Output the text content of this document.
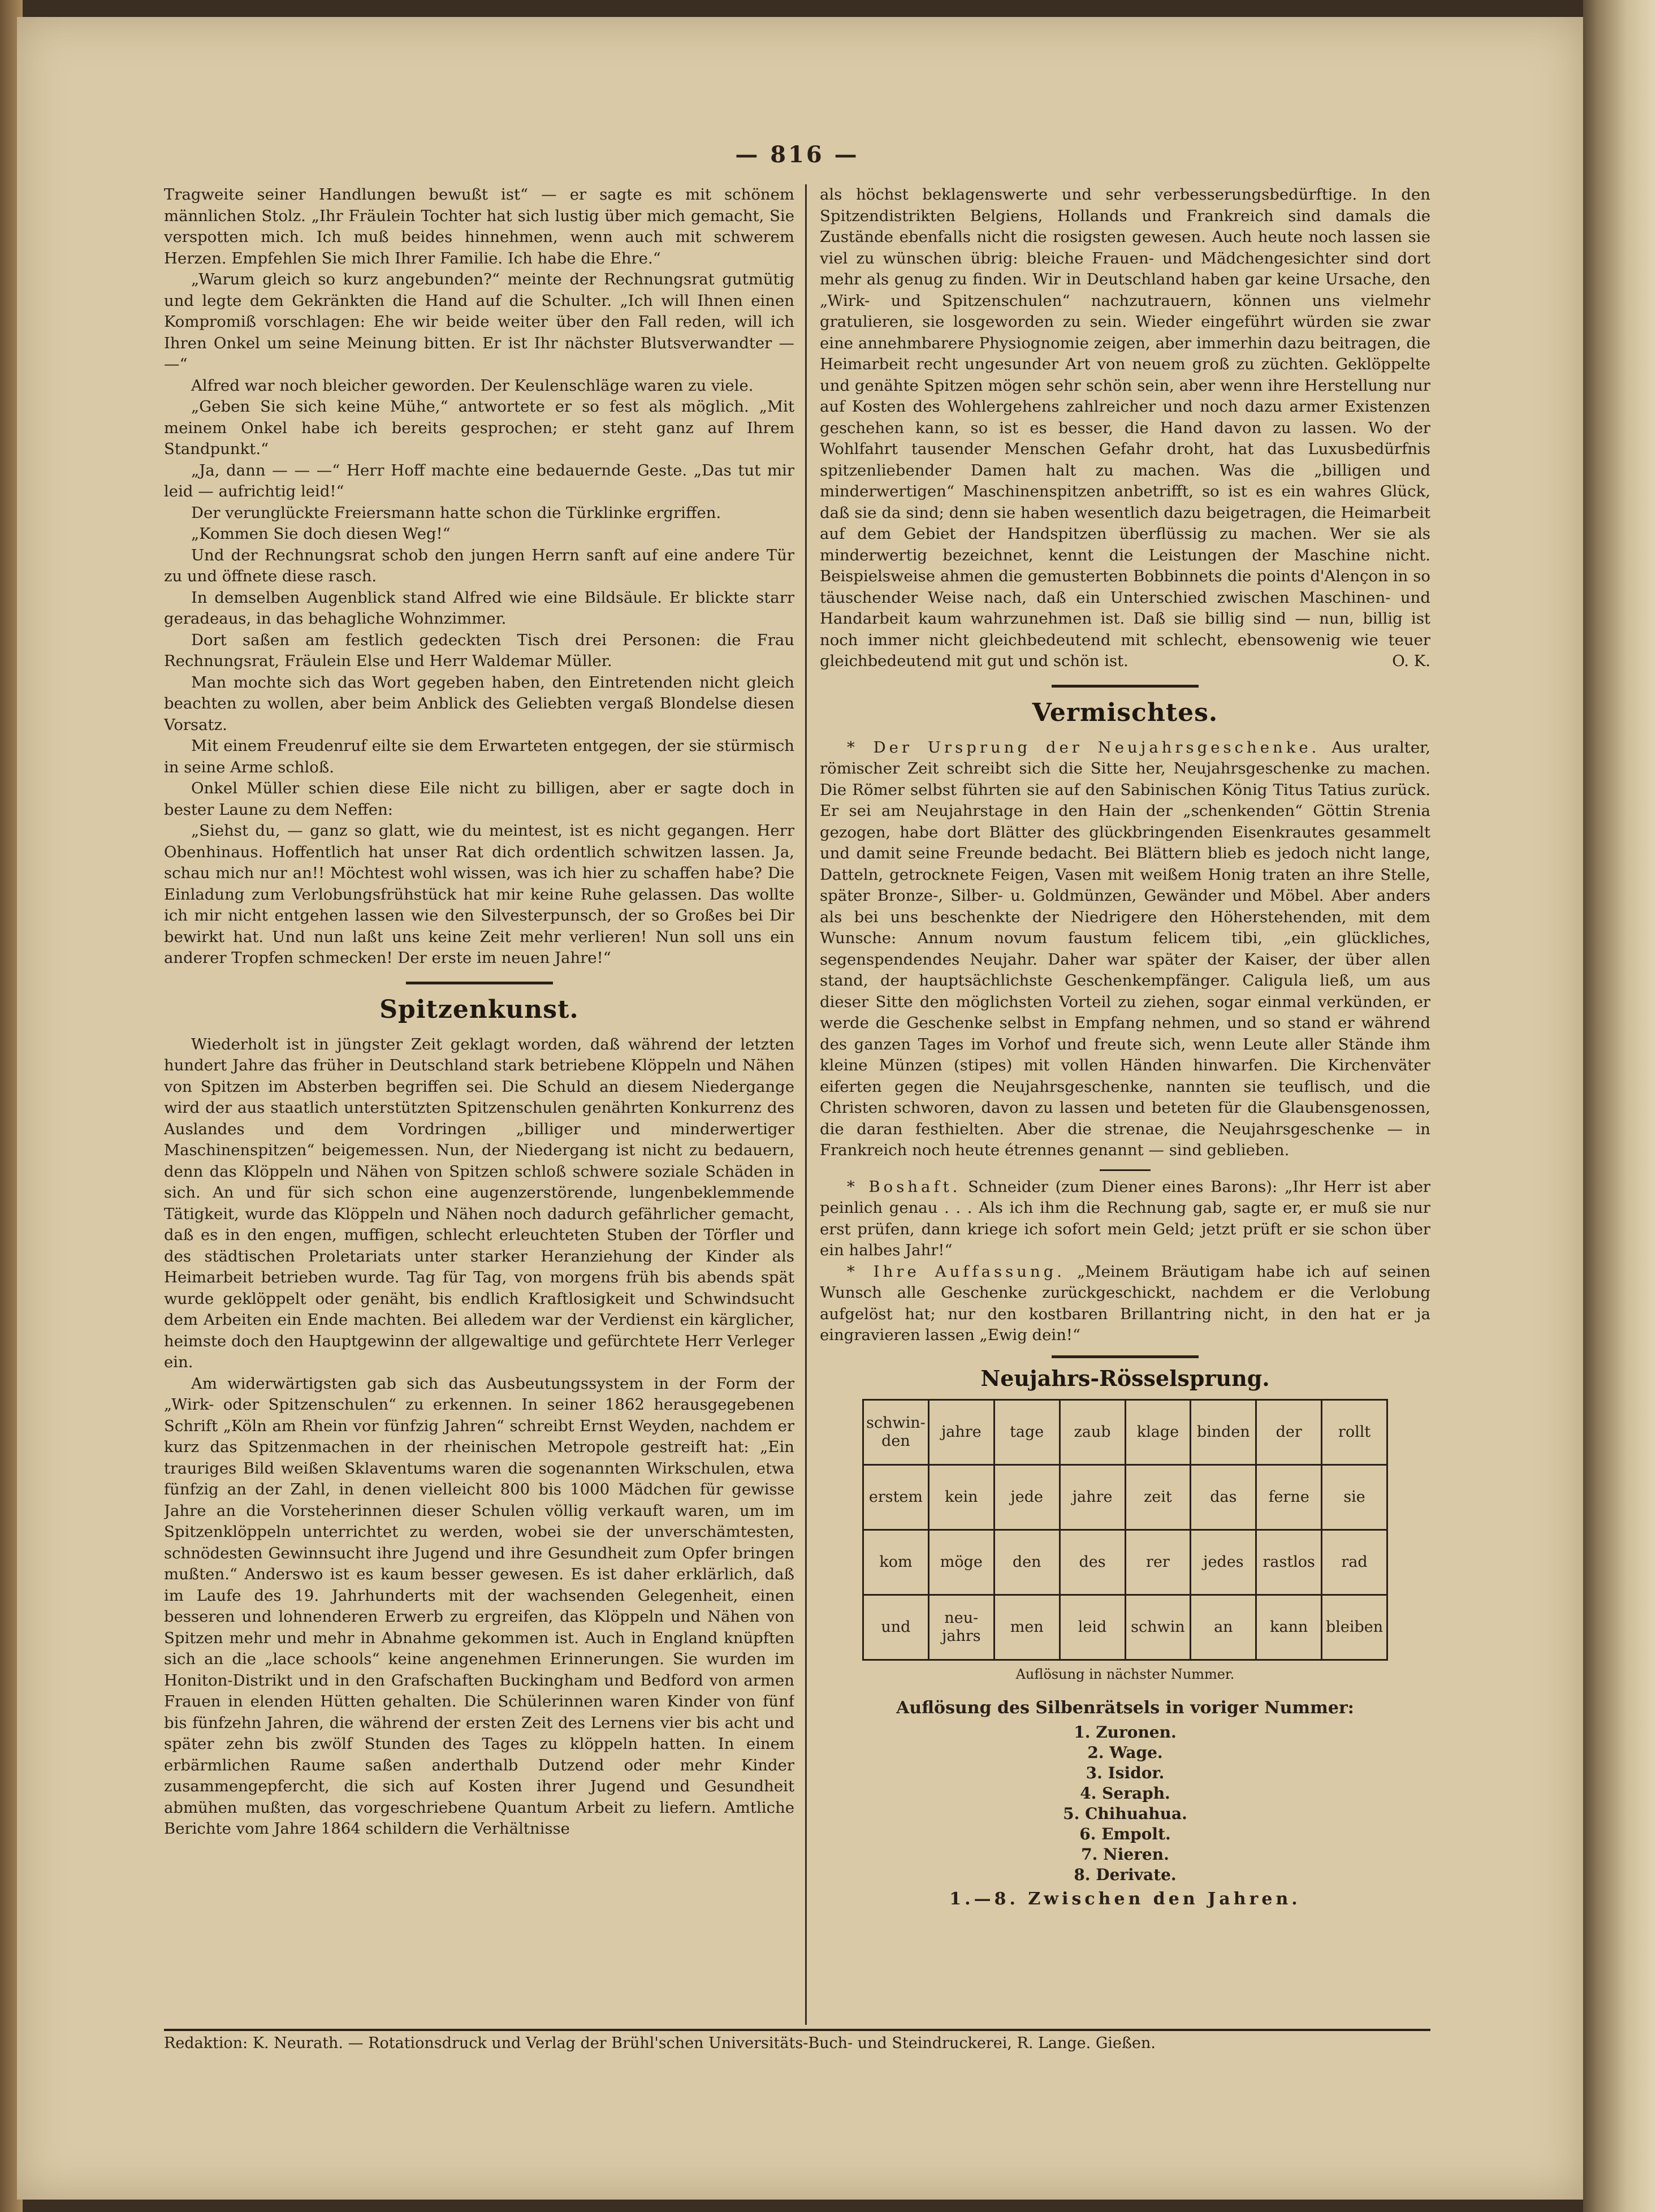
— 816 —

Tragweite seiner Handlungen bewußt ist“ — er sagte es mit schönem männlichen Stolz. „Ihr Fräulein Tochter hat sich lustig über mich gemacht, Sie verspotten mich. Ich muß beides hinnehmen, wenn auch mit schwerem Herzen. Empfehlen Sie mich Ihrer Familie. Ich habe die Ehre.“

„Warum gleich so kurz angebunden?“ meinte der Rechnungsrat gutmütig und legte dem Gekränkten die Hand auf die Schulter. „Ich will Ihnen einen Kompromiß vorschlagen: Ehe wir beide weiter über den Fall reden, will ich Ihren Onkel um seine Meinung bitten. Er ist Ihr nächster Blutsverwandter — —“

Alfred war noch bleicher geworden. Der Keulenschläge waren zu viele.

„Geben Sie sich keine Mühe,“ antwortete er so fest als möglich. „Mit meinem Onkel habe ich bereits gesprochen; er steht ganz auf Ihrem Standpunkt.“

„Ja, dann — — —“ Herr Hoff machte eine bedauernde Geste. „Das tut mir leid — aufrichtig leid!“

Der verunglückte Freiersmann hatte schon die Türklinke ergriffen.

„Kommen Sie doch diesen Weg!“

Und der Rechnungsrat schob den jungen Herrn sanft auf eine andere Tür zu und öffnete diese rasch.

In demselben Augenblick stand Alfred wie eine Bildsäule. Er blickte starr geradeaus, in das behagliche Wohnzimmer.

Dort saßen am festlich gedeckten Tisch drei Personen: die Frau Rechnungsrat, Fräulein Else und Herr Waldemar Müller.

Man mochte sich das Wort gegeben haben, den Eintretenden nicht gleich beachten zu wollen, aber beim Anblick des Geliebten vergaß Blondelse diesen Vorsatz.

Mit einem Freudenruf eilte sie dem Erwarteten entgegen, der sie stürmisch in seine Arme schloß.

Onkel Müller schien diese Eile nicht zu billigen, aber er sagte doch in bester Laune zu dem Neffen:

„Siehst du, — ganz so glatt, wie du meintest, ist es nicht gegangen. Herr Obenhinaus. Hoffentlich hat unser Rat dich ordentlich schwitzen lassen. Ja, schau mich nur an!! Möchtest wohl wissen, was ich hier zu schaffen habe? Die Einladung zum Verlobungsfrühstück hat mir keine Ruhe gelassen. Das wollte ich mir nicht entgehen lassen wie den Silvesterpunsch, der so Großes bei Dir bewirkt hat. Und nun laßt uns keine Zeit mehr verlieren! Nun soll uns ein anderer Tropfen schmecken! Der erste im neuen Jahre!“

Spitzenkunst.

Wiederholt ist in jüngster Zeit geklagt worden, daß während der letzten hundert Jahre das früher in Deutschland stark betriebene Klöppeln und Nähen von Spitzen im Absterben begriffen sei. Die Schuld an diesem Niedergange wird der aus staatlich unterstützten Spitzenschulen genährten Konkurrenz des Auslandes und dem Vordringen „billiger und minderwertiger Maschinenspitzen“ beigemessen. Nun, der Niedergang ist nicht zu bedauern, denn das Klöppeln und Nähen von Spitzen schloß schwere soziale Schäden in sich. An und für sich schon eine augenzerstörende, lungenbeklemmende Tätigkeit, wurde das Klöppeln und Nähen noch dadurch gefährlicher gemacht, daß es in den engen, muffigen, schlecht erleuchteten Stuben der Törfler und des städtischen Proletariats unter starker Heranziehung der Kinder als Heimarbeit betrieben wurde. Tag für Tag, von morgens früh bis abends spät wurde geklöppelt oder genäht, bis endlich Kraftlosigkeit und Schwindsucht dem Arbeiten ein Ende machten. Bei alledem war der Verdienst ein kärglicher, heimste doch den Hauptgewinn der allgewaltige und gefürchtete Herr Verleger ein.

Am widerwärtigsten gab sich das Ausbeutungssystem in der Form der „Wirk- oder Spitzenschulen“ zu erkennen. In seiner 1862 herausgegebenen Schrift „Köln am Rhein vor fünfzig Jahren“ schreibt Ernst Weyden, nachdem er kurz das Spitzenmachen in der rheinischen Metropole gestreift hat: „Ein trauriges Bild weißen Sklaventums waren die sogenannten Wirkschulen, etwa fünfzig an der Zahl, in denen vielleicht 800 bis 1000 Mädchen für gewisse Jahre an die Vorsteherinnen dieser Schulen völlig verkauft waren, um im Spitzenklöppeln unterrichtet zu werden, wobei sie der unverschämtesten, schnödesten Gewinnsucht ihre Jugend und ihre Gesundheit zum Opfer bringen mußten.“ Anderswo ist es kaum besser gewesen. Es ist daher erklärlich, daß im Laufe des 19. Jahrhunderts mit der wachsenden Gelegenheit, einen besseren und lohnenderen Erwerb zu ergreifen, das Klöppeln und Nähen von Spitzen mehr und mehr in Abnahme gekommen ist. Auch in England knüpften sich an die „lace schools“ keine angenehmen Erinnerungen. Sie wurden im Honiton-Distrikt und in den Grafschaften Buckingham und Bedford von armen Frauen in elenden Hütten gehalten. Die Schülerinnen waren Kinder von fünf bis fünfzehn Jahren, die während der ersten Zeit des Lernens vier bis acht und später zehn bis zwölf Stunden des Tages zu klöppeln hatten. In einem erbärmlichen Raume saßen anderthalb Dutzend oder mehr Kinder zusammengepfercht, die sich auf Kosten ihrer Jugend und Gesundheit abmühen mußten, das vorgeschriebene Quantum Arbeit zu liefern. Amtliche Berichte vom Jahre 1864 schildern die Verhältnisse

als höchst beklagenswerte und sehr verbesserungsbedürftige. In den Spitzendistrikten Belgiens, Hollands und Frankreich sind damals die Zustände ebenfalls nicht die rosigsten gewesen. Auch heute noch lassen sie viel zu wünschen übrig: bleiche Frauen- und Mädchengesichter sind dort mehr als genug zu finden. Wir in Deutschland haben gar keine Ursache, den „Wirk- und Spitzenschulen“ nachzutrauern, können uns vielmehr gratulieren, sie losgeworden zu sein. Wieder eingeführt würden sie zwar eine annehmbarere Physiognomie zeigen, aber immerhin dazu beitragen, die Heimarbeit recht ungesunder Art von neuem groß zu züchten. Geklöppelte und genähte Spitzen mögen sehr schön sein, aber wenn ihre Herstellung nur auf Kosten des Wohlergehens zahlreicher und noch dazu armer Existenzen geschehen kann, so ist es besser, die Hand davon zu lassen. Wo der Wohlfahrt tausender Menschen Gefahr droht, hat das Luxusbedürfnis spitzenliebender Damen halt zu machen. Was die „billigen und minderwertigen“ Maschinenspitzen anbetrifft, so ist es ein wahres Glück, daß sie da sind; denn sie haben wesentlich dazu beigetragen, die Heimarbeit auf dem Gebiet der Handspitzen überflüssig zu machen. Wer sie als minderwertig bezeichnet, kennt die Leistungen der Maschine nicht. Beispielsweise ahmen die gemusterten Bobbinnets die points d'Alençon in so täuschender Weise nach, daß ein Unterschied zwischen Maschinen- und Handarbeit kaum wahrzunehmen ist. Daß sie billig sind — nun, billig ist noch immer nicht gleichbedeutend mit schlecht, ebensowenig wie teuer gleichbedeutend mit gut und schön ist.	O. K.

Vermischtes.

* Der Ursprung der Neujahrsgeschenke. Aus uralter, römischer Zeit schreibt sich die Sitte her, Neujahrsgeschenke zu machen. Die Römer selbst führten sie auf den Sabinischen König Titus Tatius zurück. Er sei am Neujahrstage in den Hain der „schenkenden“ Göttin Strenia gezogen, habe dort Blätter des glückbringenden Eisenkrautes gesammelt und damit seine Freunde bedacht. Bei Blättern blieb es jedoch nicht lange, Datteln, getrocknete Feigen, Vasen mit weißem Honig traten an ihre Stelle, später Bronze-, Silber- u. Goldmünzen, Gewänder und Möbel. Aber anders als bei uns beschenkte der Niedrigere den Höherstehenden, mit dem Wunsche: Annum novum faustum felicem tibi, „ein glückliches, segenspendendes Neujahr. Daher war später der Kaiser, der über allen stand, der hauptsächlichste Geschenkempfänger. Caligula ließ, um aus dieser Sitte den möglichsten Vorteil zu ziehen, sogar einmal verkünden, er werde die Geschenke selbst in Empfang nehmen, und so stand er während des ganzen Tages im Vorhof und freute sich, wenn Leute aller Stände ihm kleine Münzen (stipes) mit vollen Händen hinwarfen. Die Kirchenväter eiferten gegen die Neujahrsgeschenke, nannten sie teuflisch, und die Christen schworen, davon zu lassen und beteten für die Glaubensgenossen, die daran festhielten. Aber die strenae, die Neujahrsgeschenke — in Frankreich noch heute étrennes genannt — sind geblieben.

* Boshaft. Schneider (zum Diener eines Barons): „Ihr Herr ist aber peinlich genau . . . Als ich ihm die Rechnung gab, sagte er, er muß sie nur erst prüfen, dann kriege ich sofort mein Geld; jetzt prüft er sie schon über ein halbes Jahr!“

* Ihre Auffassung. „Meinem Bräutigam habe ich auf seinen Wunsch alle Geschenke zurückgeschickt, nachdem er die Verlobung aufgelöst hat; nur den kostbaren Brillantring nicht, in den hat er ja eingravieren lassen „Ewig dein!“

Neujahrs-Rösselsprung.
schwin-den	jahre	tage	zaub	klage	binden	der	rollt
erstem	kein	jede	jahre	zeit	das	ferne	sie
kom	möge	den	des	rer	jedes	rastlos	rad
und	neu-jahrs	men	leid	schwin	an	kann	bleiben

Auflösung in nächster Nummer.

Auflösung des Silbenrätsels in voriger Nummer:

1. Zuronen.
2. Wage.
3. Isidor.
4. Seraph.
5. Chihuahua.
6. Empolt.
7. Nieren.
8. Derivate.

1.—8. Zwischen den Jahren.

Redaktion: K. Neurath. — Rotationsdruck und Verlag der Brühl'schen Universitäts-Buch- und Steindruckerei, R. Lange. Gießen.
